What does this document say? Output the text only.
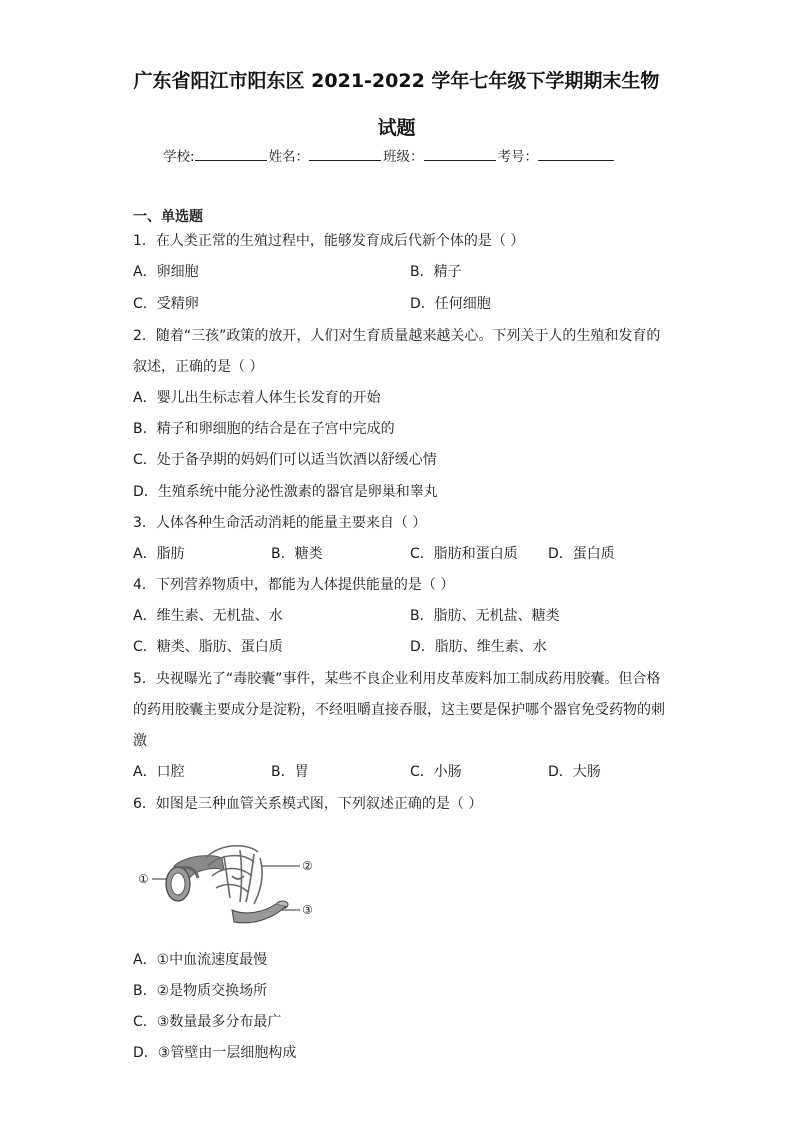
广东省阳江市阳东区 2021-2022 学年七年级下学期期末生物
试题
学校:	姓名：	班级：	考号：
一、单选题
1．在人类正常的生殖过程中，能够发育成后代新个体的是（ ）
A．卵细胞	B．精子
C．受精卵	D．任何细胞
2．随着“三孩”政策的放开，人们对生育质量越来越关心。下列关于人的生殖和发育的
叙述，正确的是（ ）
A．婴儿出生标志着人体生长发育的开始
B．精子和卵细胞的结合是在子宫中完成的
C．处于备孕期的妈妈们可以适当饮酒以舒缓心情
D．生殖系统中能分泌性激素的器官是卵巢和睾丸
3．人体各种生命活动消耗的能量主要来自（ ）
A．脂肪	B．糖类	C．脂肪和蛋白质 D．蛋白质
4．下列营养物质中，都能为人体提供能量的是（ ）
A．维生素、无机盐、水	B．脂肪、无机盐、糖类
C．糖类、脂肪、蛋白质	D．脂肪、维生素、水
5．央视曝光了“毒胶囊”事件，某些不良企业利用皮革废料加工制成药用胶囊。但合格
的药用胶囊主要成分是淀粉，不经咀嚼直接吞服，这主要是保护哪个器官免受药物的刺
激
A．口腔	B．胃	C．小肠	D．大肠
6．如图是三种血管关系模式图，下列叙述正确的是（ ）
①
②
③
A．①中血流速度最慢
B．②是物质交换场所
C．③数量最多分布最广
D．③管壁由一层细胞构成
